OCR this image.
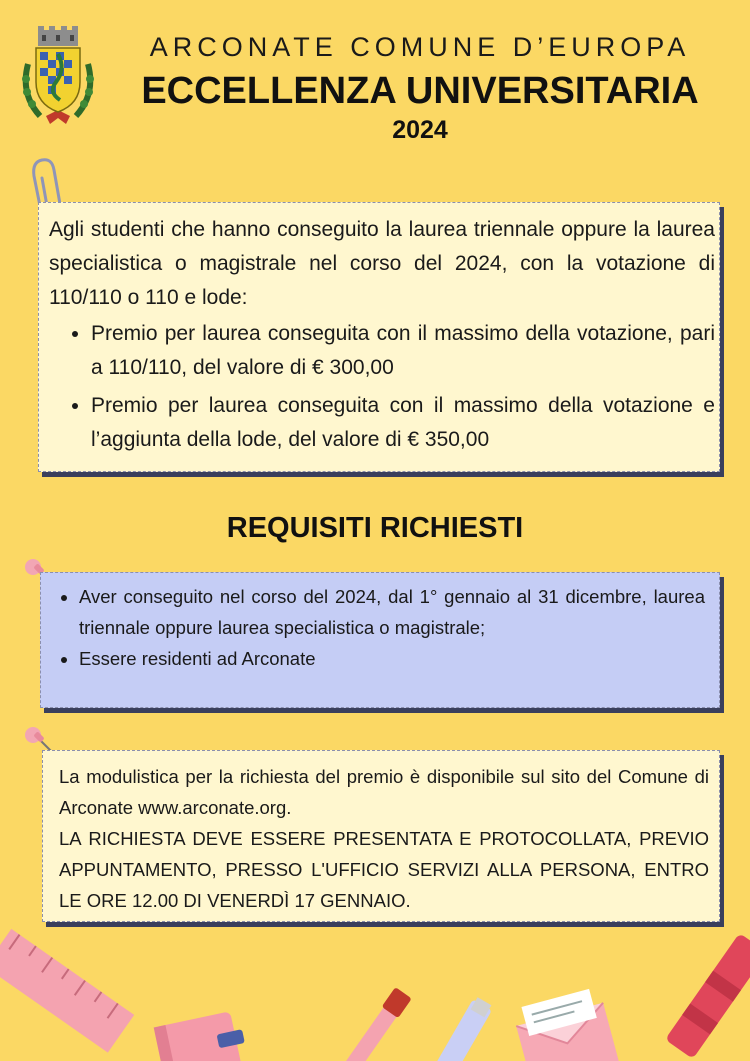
ARCONATE COMUNE D’EUROPA
ECCELLENZA UNIVERSITARIA
2024
Agli studenti che hanno conseguito la laurea triennale oppure la laurea specialistica o magistrale nel corso del 2024, con la votazione di 110/110 o 110 e lode:
• Premio per laurea conseguita con il massimo della votazione, pari a 110/110, del valore di € 300,00
• Premio per laurea conseguita con il massimo della votazione e l’aggiunta della lode, del valore di € 350,00
REQUISITI RICHIESTI
• Aver conseguito nel corso del 2024, dal 1° gennaio al 31 dicembre, laurea triennale oppure laurea specialistica o magistrale;
• Essere residenti ad Arconate
La modulistica per la richiesta del premio è disponibile sul sito del Comune di Arconate www.arconate.org.
LA RICHIESTA DEVE ESSERE PRESENTATA E PROTOCOLLATA, PREVIO APPUNTAMENTO, PRESSO L'UFFICIO SERVIZI ALLA PERSONA, ENTRO LE ORE 12.00 DI VENERDÌ 17 GENNAIO.
